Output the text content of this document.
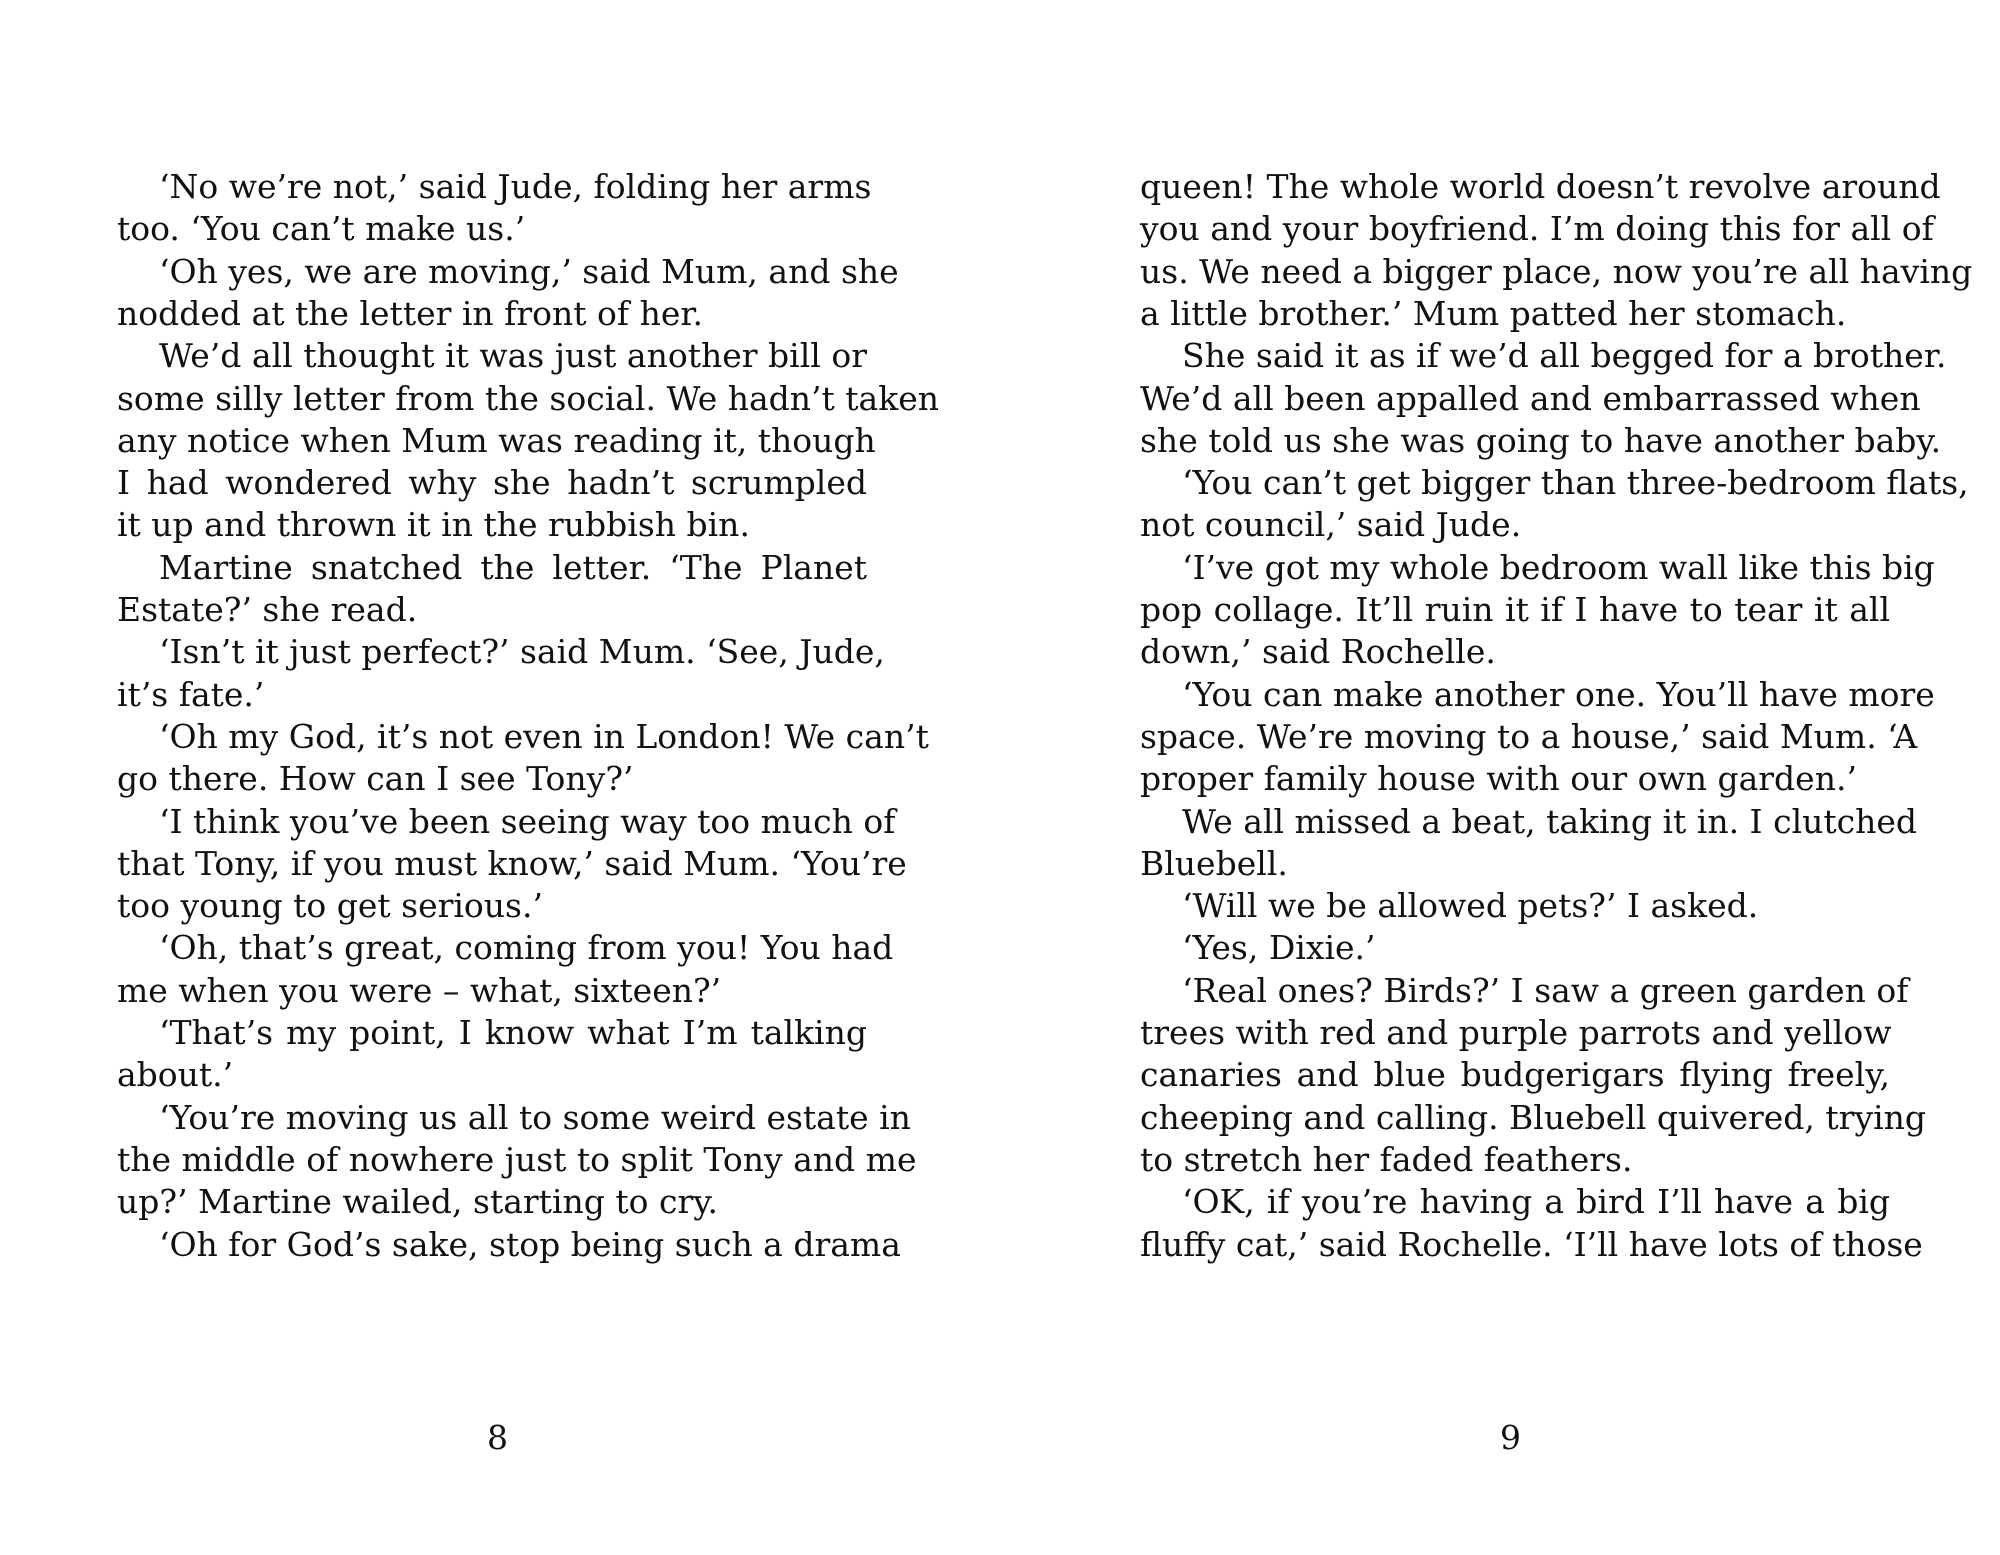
‘No we’re not,’ said Jude, folding her arms
too. ‘You can’t make us.’
‘Oh yes, we are moving,’ said Mum, and she
nodded at the letter in front of her.
We’d all thought it was just another bill or
some silly letter from the social. We hadn’t taken
any notice when Mum was reading it, though
I had wondered why she hadn’t scrumpled
it up and thrown it in the rubbish bin.
Martine snatched the letter. ‘The Planet
Estate?’ she read.
‘Isn’t it just perfect?’ said Mum. ‘See, Jude,
it’s fate.’
‘Oh my God, it’s not even in London! We can’t
go there. How can I see Tony?’
‘I think you’ve been seeing way too much of
that Tony, if you must know,’ said Mum. ‘You’re
too young to get serious.’
‘Oh, that’s great, coming from you! You had
me when you were – what, sixteen?’
‘That’s my point, I know what I’m talking
about.’
‘You’re moving us all to some weird estate in
the middle of nowhere just to split Tony and me
up?’ Martine wailed, starting to cry.
‘Oh for God’s sake, stop being such a drama
queen! The whole world doesn’t revolve around
you and your boyfriend. I’m doing this for all of
us. We need a bigger place, now you’re all having
a little brother.’ Mum patted her stomach.
She said it as if we’d all begged for a brother.
We’d all been appalled and embarrassed when
she told us she was going to have another baby.
‘You can’t get bigger than three-bedroom flats,
not council,’ said Jude.
‘I’ve got my whole bedroom wall like this big
pop collage. It’ll ruin it if I have to tear it all
down,’ said Rochelle.
‘You can make another one. You’ll have more
space. We’re moving to a house,’ said Mum. ‘A
proper family house with our own garden.’
We all missed a beat, taking it in. I clutched
Bluebell.
‘Will we be allowed pets?’ I asked.
‘Yes, Dixie.’
‘Real ones? Birds?’ I saw a green garden of
trees with red and purple parrots and yellow
canaries and blue budgerigars flying freely,
cheeping and calling. Bluebell quivered, trying
to stretch her faded feathers.
‘OK, if you’re having a bird I’ll have a big
fluffy cat,’ said Rochelle. ‘I’ll have lots of those
8	9
